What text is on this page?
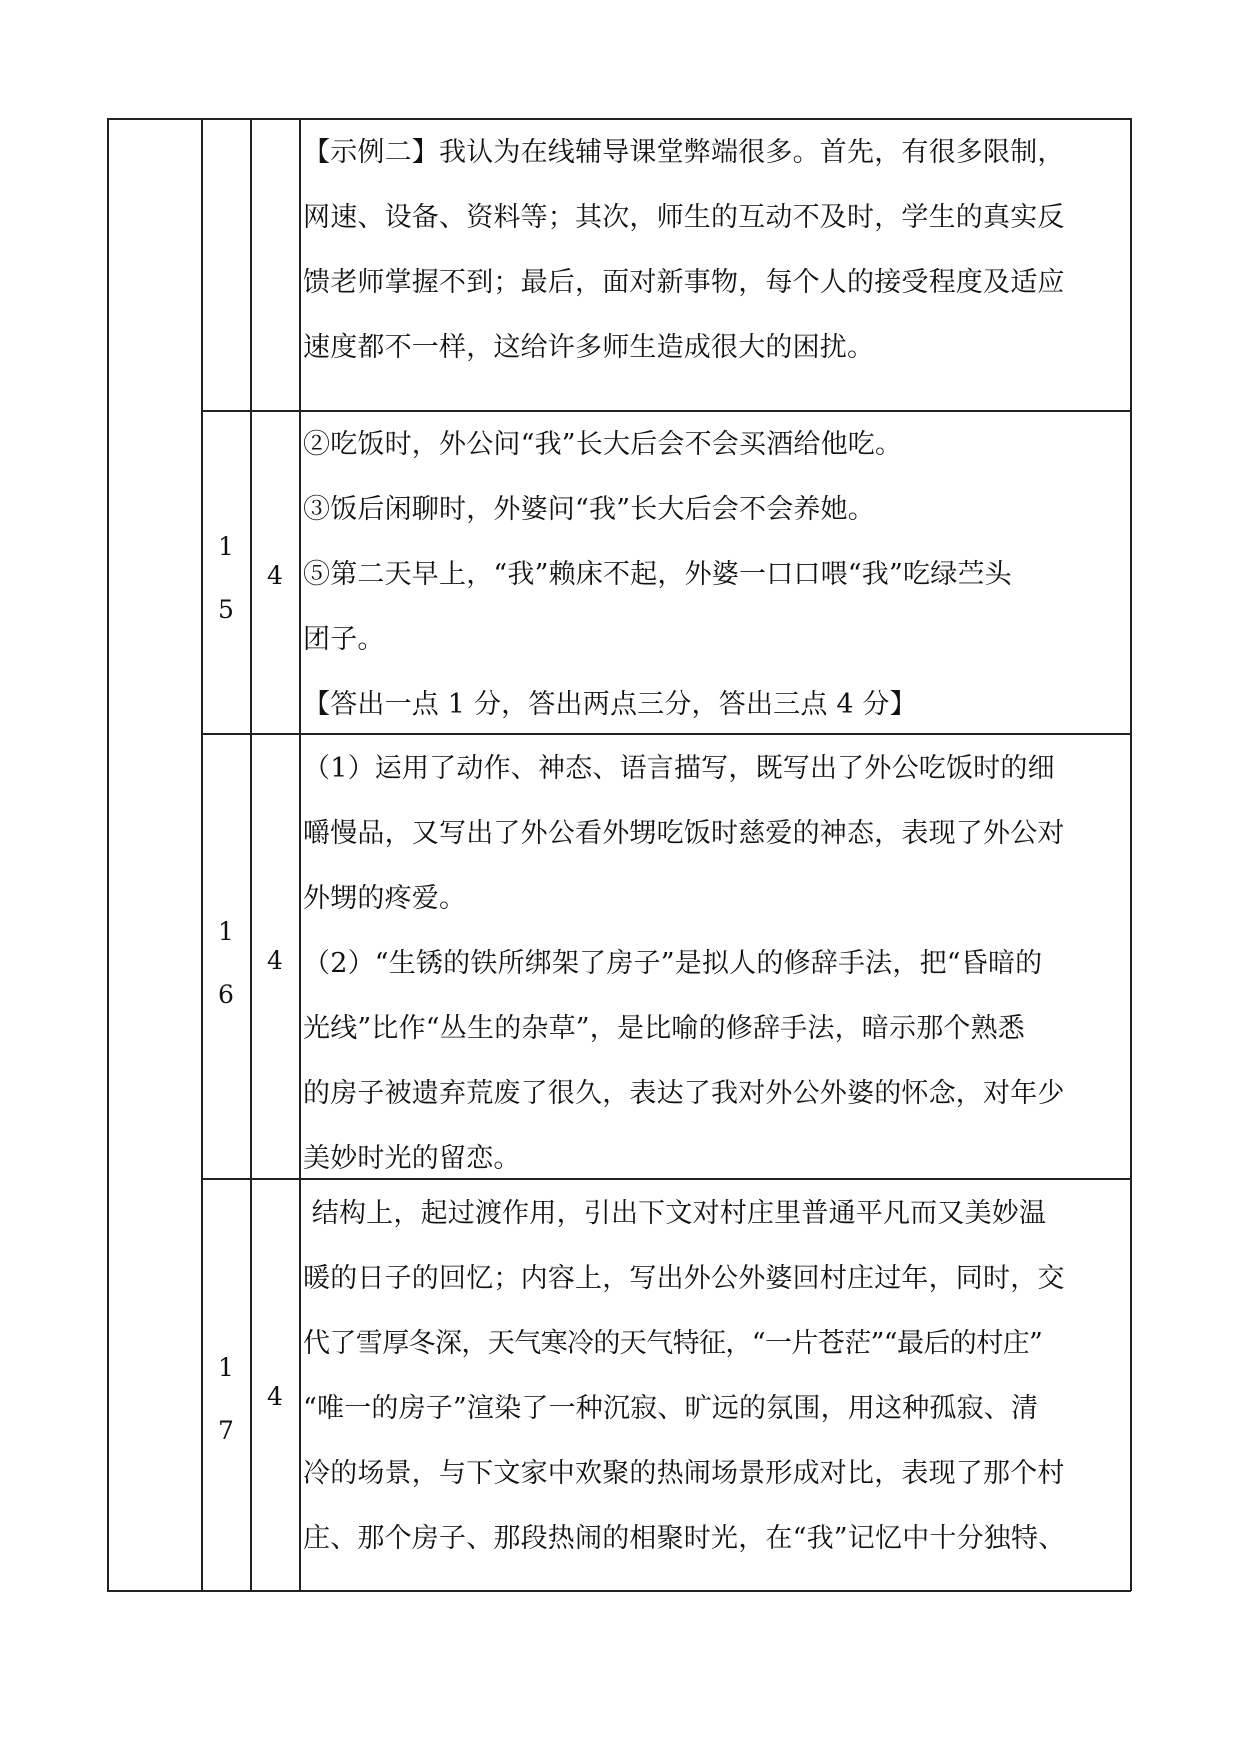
【示例二】我认为在线辅导课堂弊端很多。首先，有很多限制，
网速、设备、资料等；其次，师生的互动不及时，学生的真实反
馈老师掌握不到；最后，面对新事物，每个人的接受程度及适应
速度都不一样，这给许多师生造成很大的困扰。
1
5
4
②吃饭时，外公问“我”长大后会不会买酒给他吃。
③饭后闲聊时，外婆问“我”长大后会不会养她。
⑤第二天早上，“我”赖床不起，外婆一口口喂“我”吃绿苎头
团子。
【答出一点 1 分，答出两点三分，答出三点 4 分】
1
6
4
（1）运用了动作、神态、语言描写，既写出了外公吃饭时的细
嚼慢品，又写出了外公看外甥吃饭时慈爱的神态，表现了外公对
外甥的疼爱。
（2）“生锈的铁所绑架了房子”是拟人的修辞手法，把“昏暗的
光线”比作“丛生的杂草”，是比喻的修辞手法，暗示那个熟悉
的房子被遗弃荒废了很久，表达了我对外公外婆的怀念，对年少
美妙时光的留恋。
1
7
4
结构上，起过渡作用，引出下文对村庄里普通平凡而又美妙温
暖的日子的回忆；内容上，写出外公外婆回村庄过年，同时，交
代了雪厚冬深，天气寒冷的天气特征，“一片苍茫”“最后的村庄”
“唯一的房子”渲染了一种沉寂、旷远的氛围，用这种孤寂、清
冷的场景，与下文家中欢聚的热闹场景形成对比，表现了那个村
庄、那个房子、那段热闹的相聚时光，在“我”记忆中十分独特、
